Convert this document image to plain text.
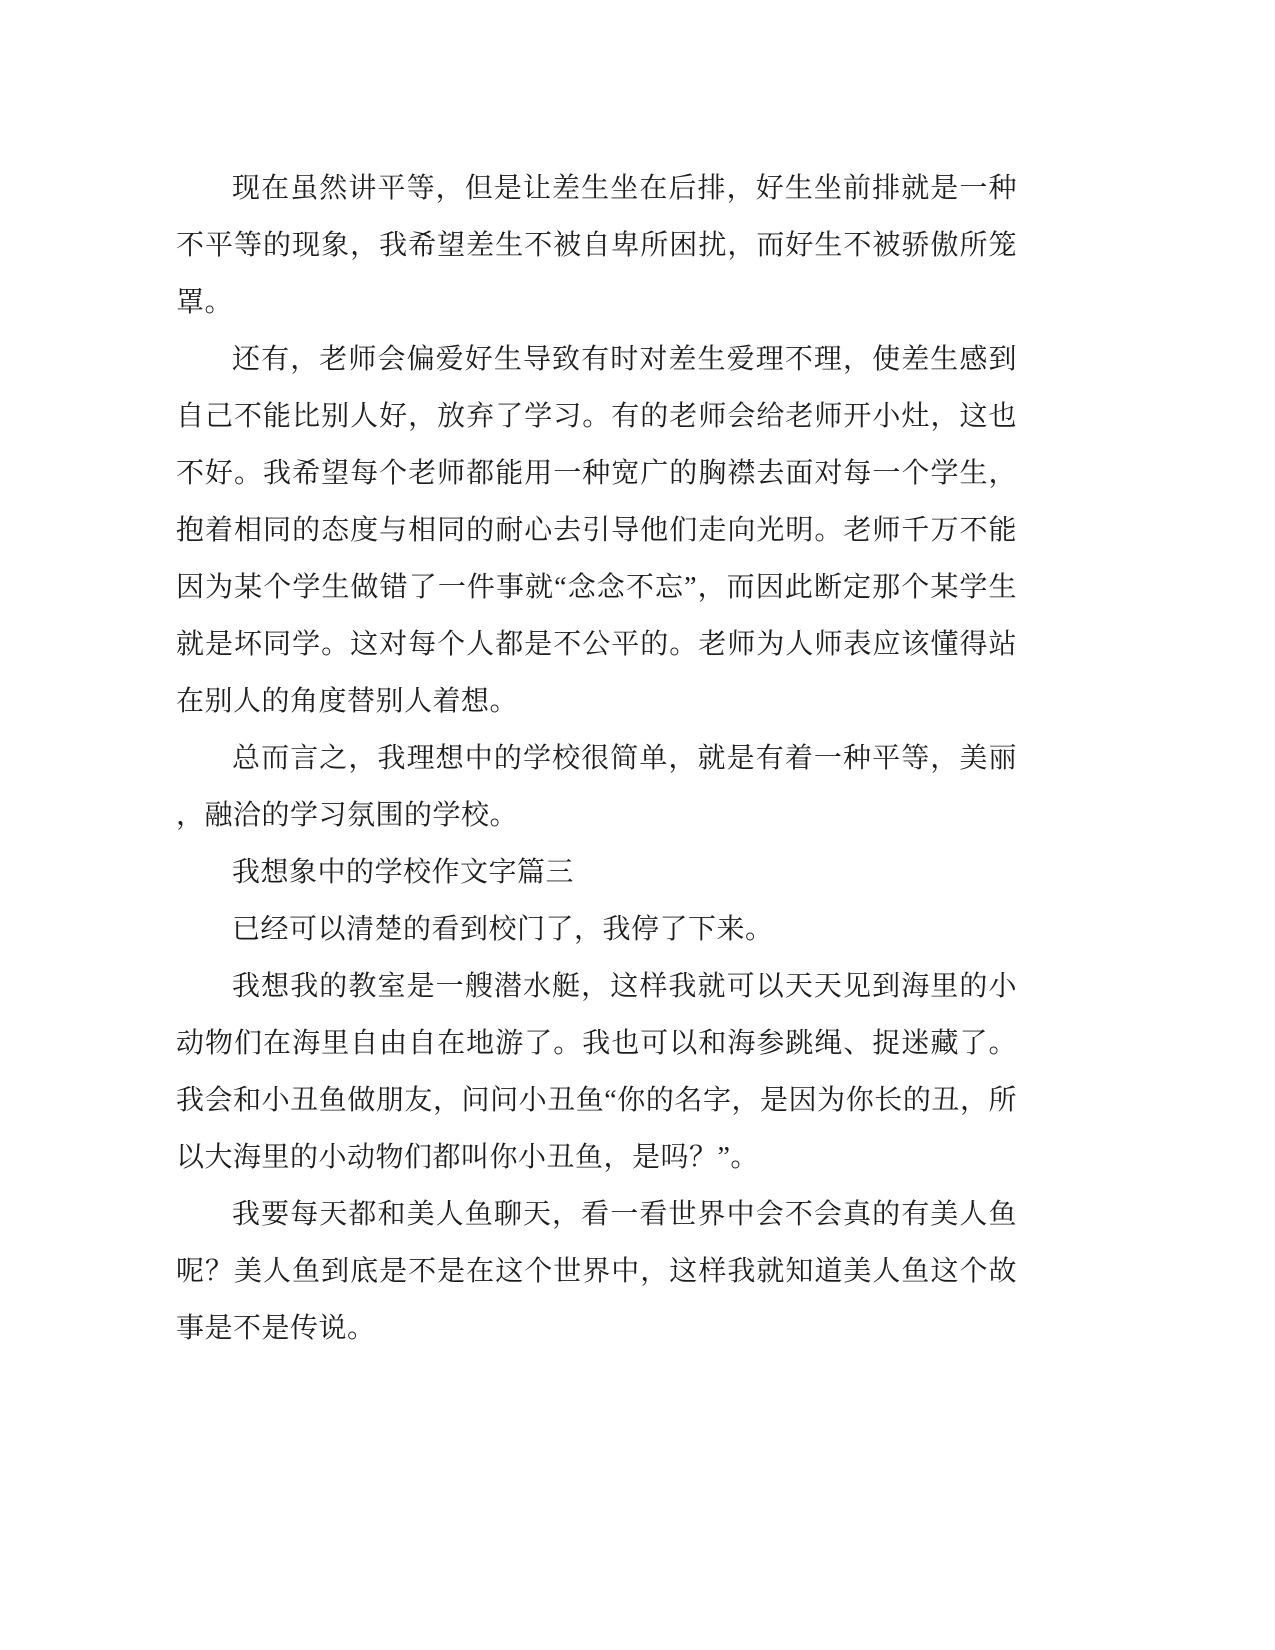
现在虽然讲平等，但是让差生坐在后排，好生坐前排就是一种不平等的现象，我希望差生不被自卑所困扰，而好生不被骄傲所笼罩。

还有，老师会偏爱好生导致有时对差生爱理不理，使差生感到自己不能比别人好，放弃了学习。有的老师会给老师开小灶，这也不好。我希望每个老师都能用一种宽广的胸襟去面对每一个学生，抱着相同的态度与相同的耐心去引导他们走向光明。老师千万不能因为某个学生做错了一件事就“念念不忘”，而因此断定那个某学生就是坏同学。这对每个人都是不公平的。老师为人师表应该懂得站在别人的角度替别人着想。

总而言之，我理想中的学校很简单，就是有着一种平等，美丽，融洽的学习氛围的学校。

我想象中的学校作文字篇三

已经可以清楚的看到校门了，我停了下来。

我想我的教室是一艘潜水艇，这样我就可以天天见到海里的小动物们在海里自由自在地游了。我也可以和海参跳绳、捉迷藏了。我会和小丑鱼做朋友，问问小丑鱼“你的名字，是因为你长的丑，所以大海里的小动物们都叫你小丑鱼，是吗？”。

我要每天都和美人鱼聊天，看一看世界中会不会真的有美人鱼呢？美人鱼到底是不是在这个世界中，这样我就知道美人鱼这个故事是不是传说。
